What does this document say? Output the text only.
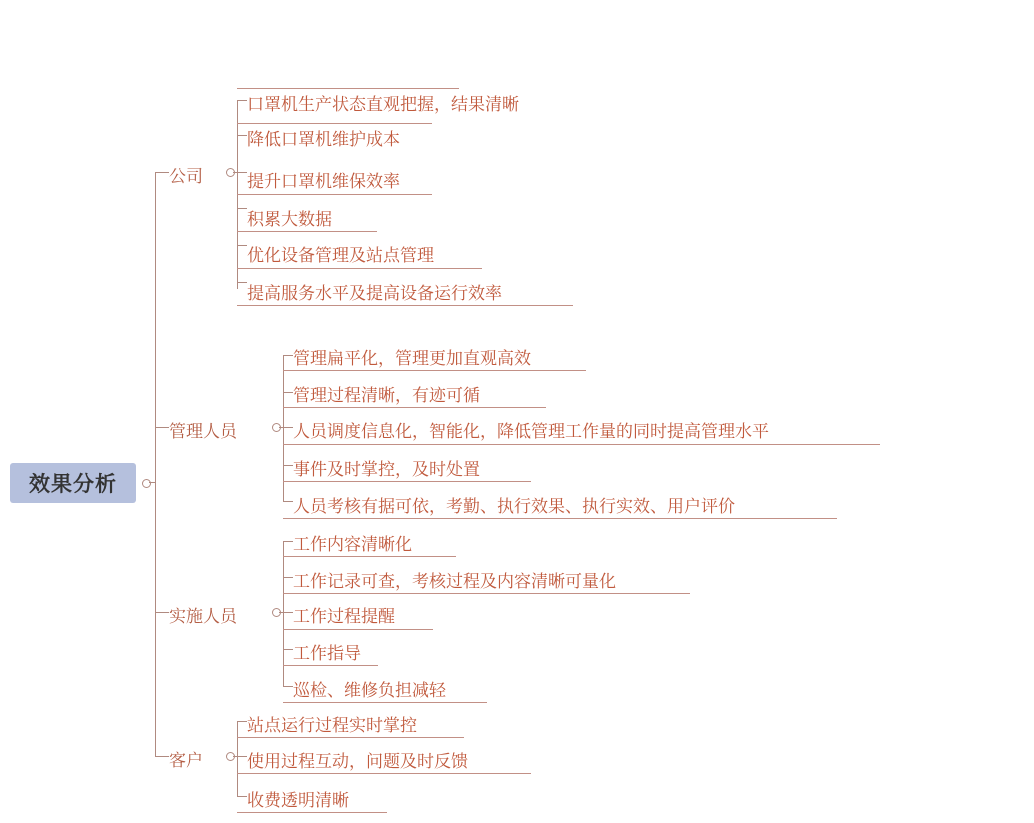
效果分析
公司
口罩机生产状态直观把握，结果清晰
降低口罩机维护成本
提升口罩机维保效率
积累大数据
优化设备管理及站点管理
提高服务水平及提高设备运行效率
管理人员
管理扁平化，管理更加直观高效
管理过程清晰，有迹可循
人员调度信息化，智能化，降低管理工作量的同时提高管理水平
事件及时掌控，及时处置
人员考核有据可依，考勤、执行效果、执行实效、用户评价
实施人员
工作内容清晰化
工作记录可查，考核过程及内容清晰可量化
工作过程提醒
工作指导
巡检、维修负担减轻
客户
站点运行过程实时掌控
使用过程互动，问题及时反馈
收费透明清晰
